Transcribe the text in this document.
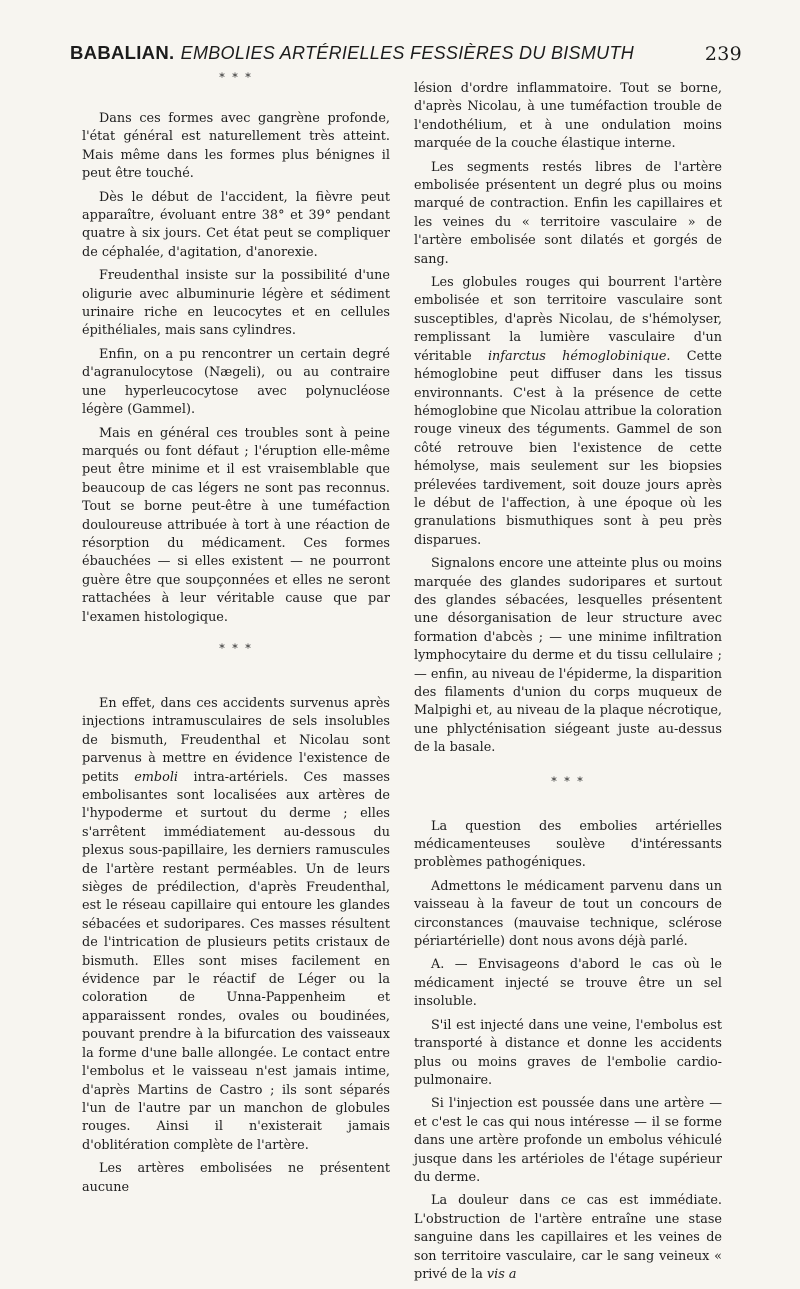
BABALIAN. EMBOLIES ARTÉRIELLES FESSIÈRES DU BISMUTH	239
* * *

Dans ces formes avec gangrène profonde, l'état général est naturellement très atteint. Mais même dans les formes plus bénignes il peut être touché.

Dès le début de l'accident, la fièvre peut apparaître, évoluant entre 38° et 39° pendant quatre à six jours. Cet état peut se compliquer de céphalée, d'agitation, d'anorexie.

Freudenthal insiste sur la possibilité d'une oligurie avec albuminurie légère et sédiment urinaire riche en leucocytes et en cellules épithéliales, mais sans cylindres.

Enfin, on a pu rencontrer un certain degré d'agranulocytose (Nægeli), ou au contraire une hyperleucocytose avec polynucléose légère (Gammel).

Mais en général ces troubles sont à peine marqués ou font défaut ; l'éruption elle-même peut être minime et il est vraisemblable que beaucoup de cas légers ne sont pas reconnus. Tout se borne peut-être à une tuméfaction douloureuse attribuée à tort à une réaction de résorption du médicament. Ces formes ébauchées — si elles existent — ne pourront guère être que soupçonnées et elles ne seront rattachées à leur véritable cause que par l'examen histologique.

* * *

En effet, dans ces accidents survenus après injections intramusculaires de sels insolubles de bismuth, Freudenthal et Nicolau sont parvenus à mettre en évidence l'existence de petits emboli intra-artériels. Ces masses embolisantes sont localisées aux artères de l'hypoderme et surtout du derme ; elles s'arrêtent immédiatement au-dessous du plexus sous-papillaire, les derniers ramuscules de l'artère restant perméables. Un de leurs sièges de prédilection, d'après Freudenthal, est le réseau capillaire qui entoure les glandes sébacées et sudoripares. Ces masses résultent de l'intrication de plusieurs petits cristaux de bismuth. Elles sont mises facilement en évidence par le réactif de Léger ou la coloration de Unna-Pappenheim et apparaissent rondes, ovales ou boudinées, pouvant prendre à la bifurcation des vaisseaux la forme d'une balle allongée. Le contact entre l'embolus et le vaisseau n'est jamais intime, d'après Martins de Castro ; ils sont séparés l'un de l'autre par un manchon de globules rouges. Ainsi il n'existerait jamais d'oblitération complète de l'artère.

Les artères embolisées ne présentent aucune

lésion d'ordre inflammatoire. Tout se borne, d'après Nicolau, à une tuméfaction trouble de l'endothélium, et à une ondulation moins marquée de la couche élastique interne.

Les segments restés libres de l'artère embolisée présentent un degré plus ou moins marqué de contraction. Enfin les capillaires et les veines du « territoire vasculaire » de l'artère embolisée sont dilatés et gorgés de sang.

Les globules rouges qui bourrent l'artère embolisée et son territoire vasculaire sont susceptibles, d'après Nicolau, de s'hémolyser, remplissant la lumière vasculaire d'un véritable infarctus hémoglobinique. Cette hémoglobine peut diffuser dans les tissus environnants. C'est à la présence de cette hémoglobine que Nicolau attribue la coloration rouge vineux des téguments. Gammel de son côté retrouve bien l'existence de cette hémolyse, mais seulement sur les biopsies prélevées tardivement, soit douze jours après le début de l'affection, à une époque où les granulations bismuthiques sont à peu près disparues.

Signalons encore une atteinte plus ou moins marquée des glandes sudoripares et surtout des glandes sébacées, lesquelles présentent une désorganisation de leur structure avec formation d'abcès ; — une minime infiltration lymphocytaire du derme et du tissu cellulaire ; — enfin, au niveau de l'épiderme, la disparition des filaments d'union du corps muqueux de Malpighi et, au niveau de la plaque nécrotique, une phlycténisation siégeant juste au-dessus de la basale.

* * *

La question des embolies artérielles médicamenteuses soulève d'intéressants problèmes pathogéniques.

Admettons le médicament parvenu dans un vaisseau à la faveur de tout un concours de circonstances (mauvaise technique, sclérose périartérielle) dont nous avons déjà parlé.

A. — Envisageons d'abord le cas où le médicament injecté se trouve être un sel insoluble.

S'il est injecté dans une veine, l'embolus est transporté à distance et donne les accidents plus ou moins graves de l'embolie cardio-pulmonaire.

Si l'injection est poussée dans une artère — et c'est le cas qui nous intéresse — il se forme dans une artère profonde un embolus véhiculé jusque dans les artérioles de l'étage supérieur du derme.

La douleur dans ce cas est immédiate. L'obstruction de l'artère entraîne une stase sanguine dans les capillaires et les veines de son territoire vasculaire, car le sang veineux « privé de la vis a
